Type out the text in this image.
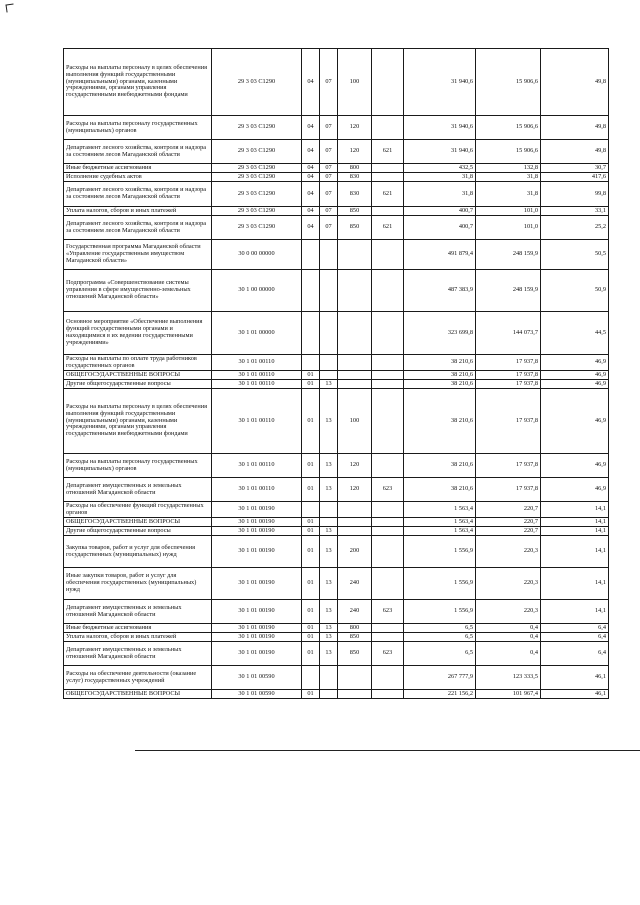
Расходы на выплаты персоналу в целях обеспечения выполнения функций государственными (муниципальными) органами, казенными учреждениями, органами управления государственными внебюджетными фондами	29 3 03 С1290	04	07	100		31 940,6	15 906,6	49,8
Расходы на выплаты персоналу государственных (муниципальных) органов	29 3 03 С1290	04	07	120		31 940,6	15 906,6	49,8
Департамент лесного хозяйства, контроля и надзора за состоянием лесов Магаданской области	29 3 03 С1290	04	07	120	621	31 940,6	15 906,6	49,8
Иные бюджетные ассигнования	29 3 03 С1290	04	07	800		432,5	132,8	30,7
Исполнение судебных актов	29 3 03 С1290	04	07	830		31,8	31,8	417,6
Департамент лесного хозяйства, контроля и надзора за состоянием лесов Магаданской области	29 3 03 С1290	04	07	830	621	31,8	31,8	99,8
Уплата налогов, сборов и иных платежей	29 3 03 С1290	04	07	850		400,7	101,0	33,1
Департамент лесного хозяйства, контроля и надзора за состоянием лесов Магаданской области	29 3 03 С1290	04	07	850	621	400,7	101,0	25,2
Государственная программа Магаданской области «Управление государственным имуществом Магаданской области»	30 0 00 00000					491 879,4	248 159,9	50,5
Подпрограмма «Совершенствование системы управления в сфере имущественно-земельных отношений Магаданской области»	30 1 00 00000					487 383,9	248 159,9	50,9
Основное мероприятие «Обеспечение выполнения функций государственными органами и находящимися в их ведении государственными учреждениями»	30 1 01 00000					323 699,8	144 073,7	44,5
Расходы на выплаты по оплате труда работников государственных органов	30 1 01 00110					38 210,6	17 937,8	46,9
ОБЩЕГОСУДАРСТВЕННЫЕ ВОПРОСЫ	30 1 01 00110	01				38 210,6	17 937,8	46,9
Другие общегосударственные вопросы	30 1 01 00110	01	13			38 210,6	17 937,8	46,9
Расходы на выплаты персоналу в целях обеспечения выполнения функций государственными (муниципальными) органами, казенными учреждениями, органами управления государственными внебюджетными фондами	30 1 01 00110	01	13	100		38 210,6	17 937,8	46,9
Расходы на выплаты персоналу государственных (муниципальных) органов	30 1 01 00110	01	13	120		38 210,6	17 937,8	46,9
Департамент имущественных и земельных отношений Магаданской области	30 1 01 00110	01	13	120	623	38 210,6	17 937,8	46,9
Расходы на обеспечение функций государственных органов	30 1 01 00190					1 563,4	220,7	14,1
ОБЩЕГОСУДАРСТВЕННЫЕ ВОПРОСЫ	30 1 01 00190	01				1 563,4	220,7	14,1
Другие общегосударственные вопросы	30 1 01 00190	01	13			1 563,4	220,7	14,1
Закупка товаров, работ и услуг для обеспечения государственных (муниципальных) нужд	30 1 01 00190	01	13	200		1 556,9	220,3	14,1
Иные закупки товаров, работ и услуг для обеспечения государственных (муниципальных) нужд	30 1 01 00190	01	13	240		1 556,9	220,3	14,1
Департамент имущественных и земельных отношений Магаданской области	30 1 01 00190	01	13	240	623	1 556,9	220,3	14,1
Иные бюджетные ассигнования	30 1 01 00190	01	13	800		6,5	0,4	6,4
Уплата налогов, сборов и иных платежей	30 1 01 00190	01	13	850		6,5	0,4	6,4
Департамент имущественных и земельных отношений Магаданской области	30 1 01 00190	01	13	850	623	6,5	0,4	6,4
Расходы на обеспечение деятельности (оказание услуг) государственных учреждений	30 1 01 00590					267 777,9	123 333,5	46,1
ОБЩЕГОСУДАРСТВЕННЫЕ ВОПРОСЫ	30 1 01 00590	01				221 156,2	101 967,4	46,1
